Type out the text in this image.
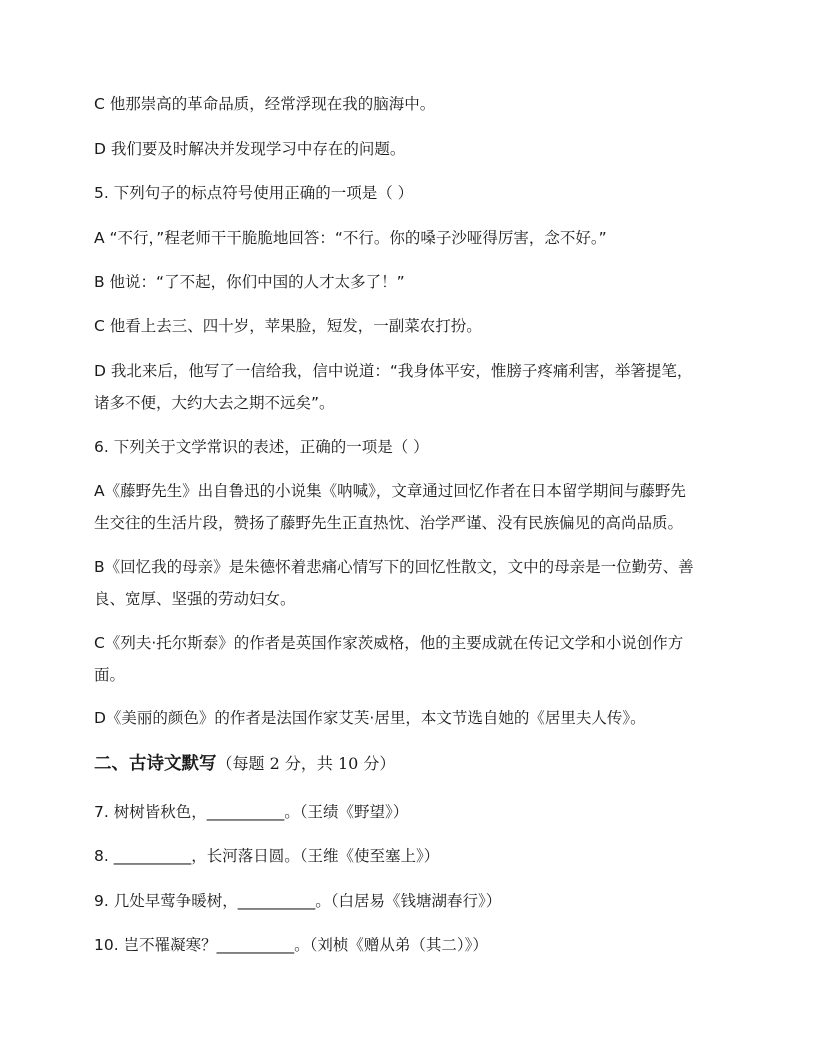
C 他那崇高的革命品质，经常浮现在我的脑海中。
D 我们要及时解决并发现学习中存在的问题。
5. 下列句子的标点符号使用正确的一项是（ ）
A “不行，”程老师干干脆脆地回答：“不行。你的嗓子沙哑得厉害，念不好。”
B 他说：“了不起，你们中国的人才太多了！”
C 他看上去三、四十岁，苹果脸，短发，一副菜农打扮。
D 我北来后，他写了一信给我，信中说道：“我身体平安，惟膀子疼痛利害，举箸提笔，
诸多不便，大约大去之期不远矣”。
6. 下列关于文学常识的表述，正确的一项是（ ）
A《藤野先生》出自鲁迅的小说集《呐喊》，文章通过回忆作者在日本留学期间与藤野先
生交往的生活片段，赞扬了藤野先生正直热忱、治学严谨、没有民族偏见的高尚品质。
B《回忆我的母亲》是朱德怀着悲痛心情写下的回忆性散文，文中的母亲是一位勤劳、善
良、宽厚、坚强的劳动妇女。
C《列夫·托尔斯泰》的作者是英国作家茨威格，他的主要成就在传记文学和小说创作方
面。
D《美丽的颜色》的作者是法国作家艾芙·居里，本文节选自她的《居里夫人传》。
二、古诗文默写（每题 2 分，共 10 分）
7. 树树皆秋色，__________。（王绩《野望》）
8. __________，长河落日圆。（王维《使至塞上》）
9. 几处早莺争暖树，__________。（白居易《钱塘湖春行》）
10. 岂不罹凝寒？__________。（刘桢《赠从弟（其二）》）
